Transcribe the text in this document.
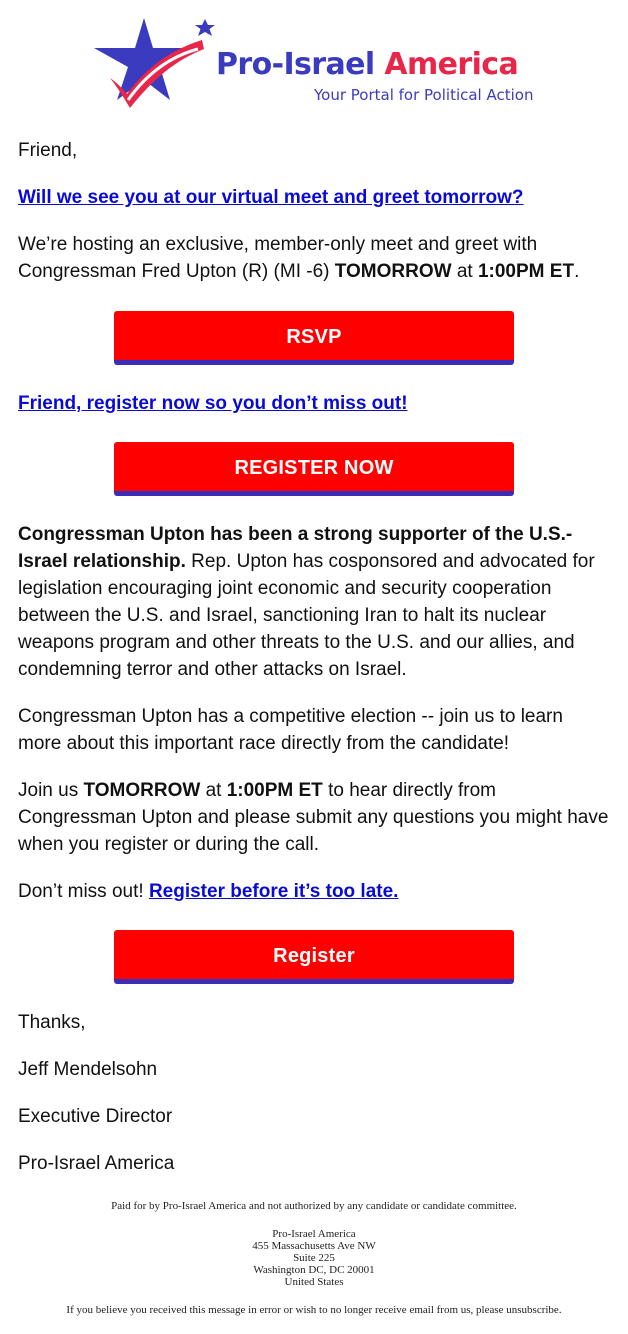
Pro-Israel America
Your Portal for Political Action

Friend,

Will we see you at our virtual meet and greet tomorrow?

We’re hosting an exclusive, member-only meet and greet with Congressman Fred Upton (R) (MI -6) TOMORROW at 1:00PM ET.

RSVP

Friend, register now so you don’t miss out!

REGISTER NOW

Congressman Upton has been a strong supporter of the U.S.-Israel relationship. Rep. Upton has cosponsored and advocated for legislation encouraging joint economic and security cooperation between the U.S. and Israel, sanctioning Iran to halt its nuclear weapons program and other threats to the U.S. and our allies, and condemning terror and other attacks on Israel.

Congressman Upton has a competitive election -- join us to learn more about this important race directly from the candidate!

Join us TOMORROW at 1:00PM ET to hear directly from Congressman Upton and please submit any questions you might have when you register or during the call.

Don’t miss out! Register before it’s too late.

Register

Thanks,

Jeff Mendelsohn

Executive Director

Pro-Israel America

Paid for by Pro-Israel America and not authorized by any candidate or candidate committee.
Pro-Israel America
455 Massachusetts Ave NW
Suite 225
Washington DC, DC 20001
United States
If you believe you received this message in error or wish to no longer receive email from us, please unsubscribe.
